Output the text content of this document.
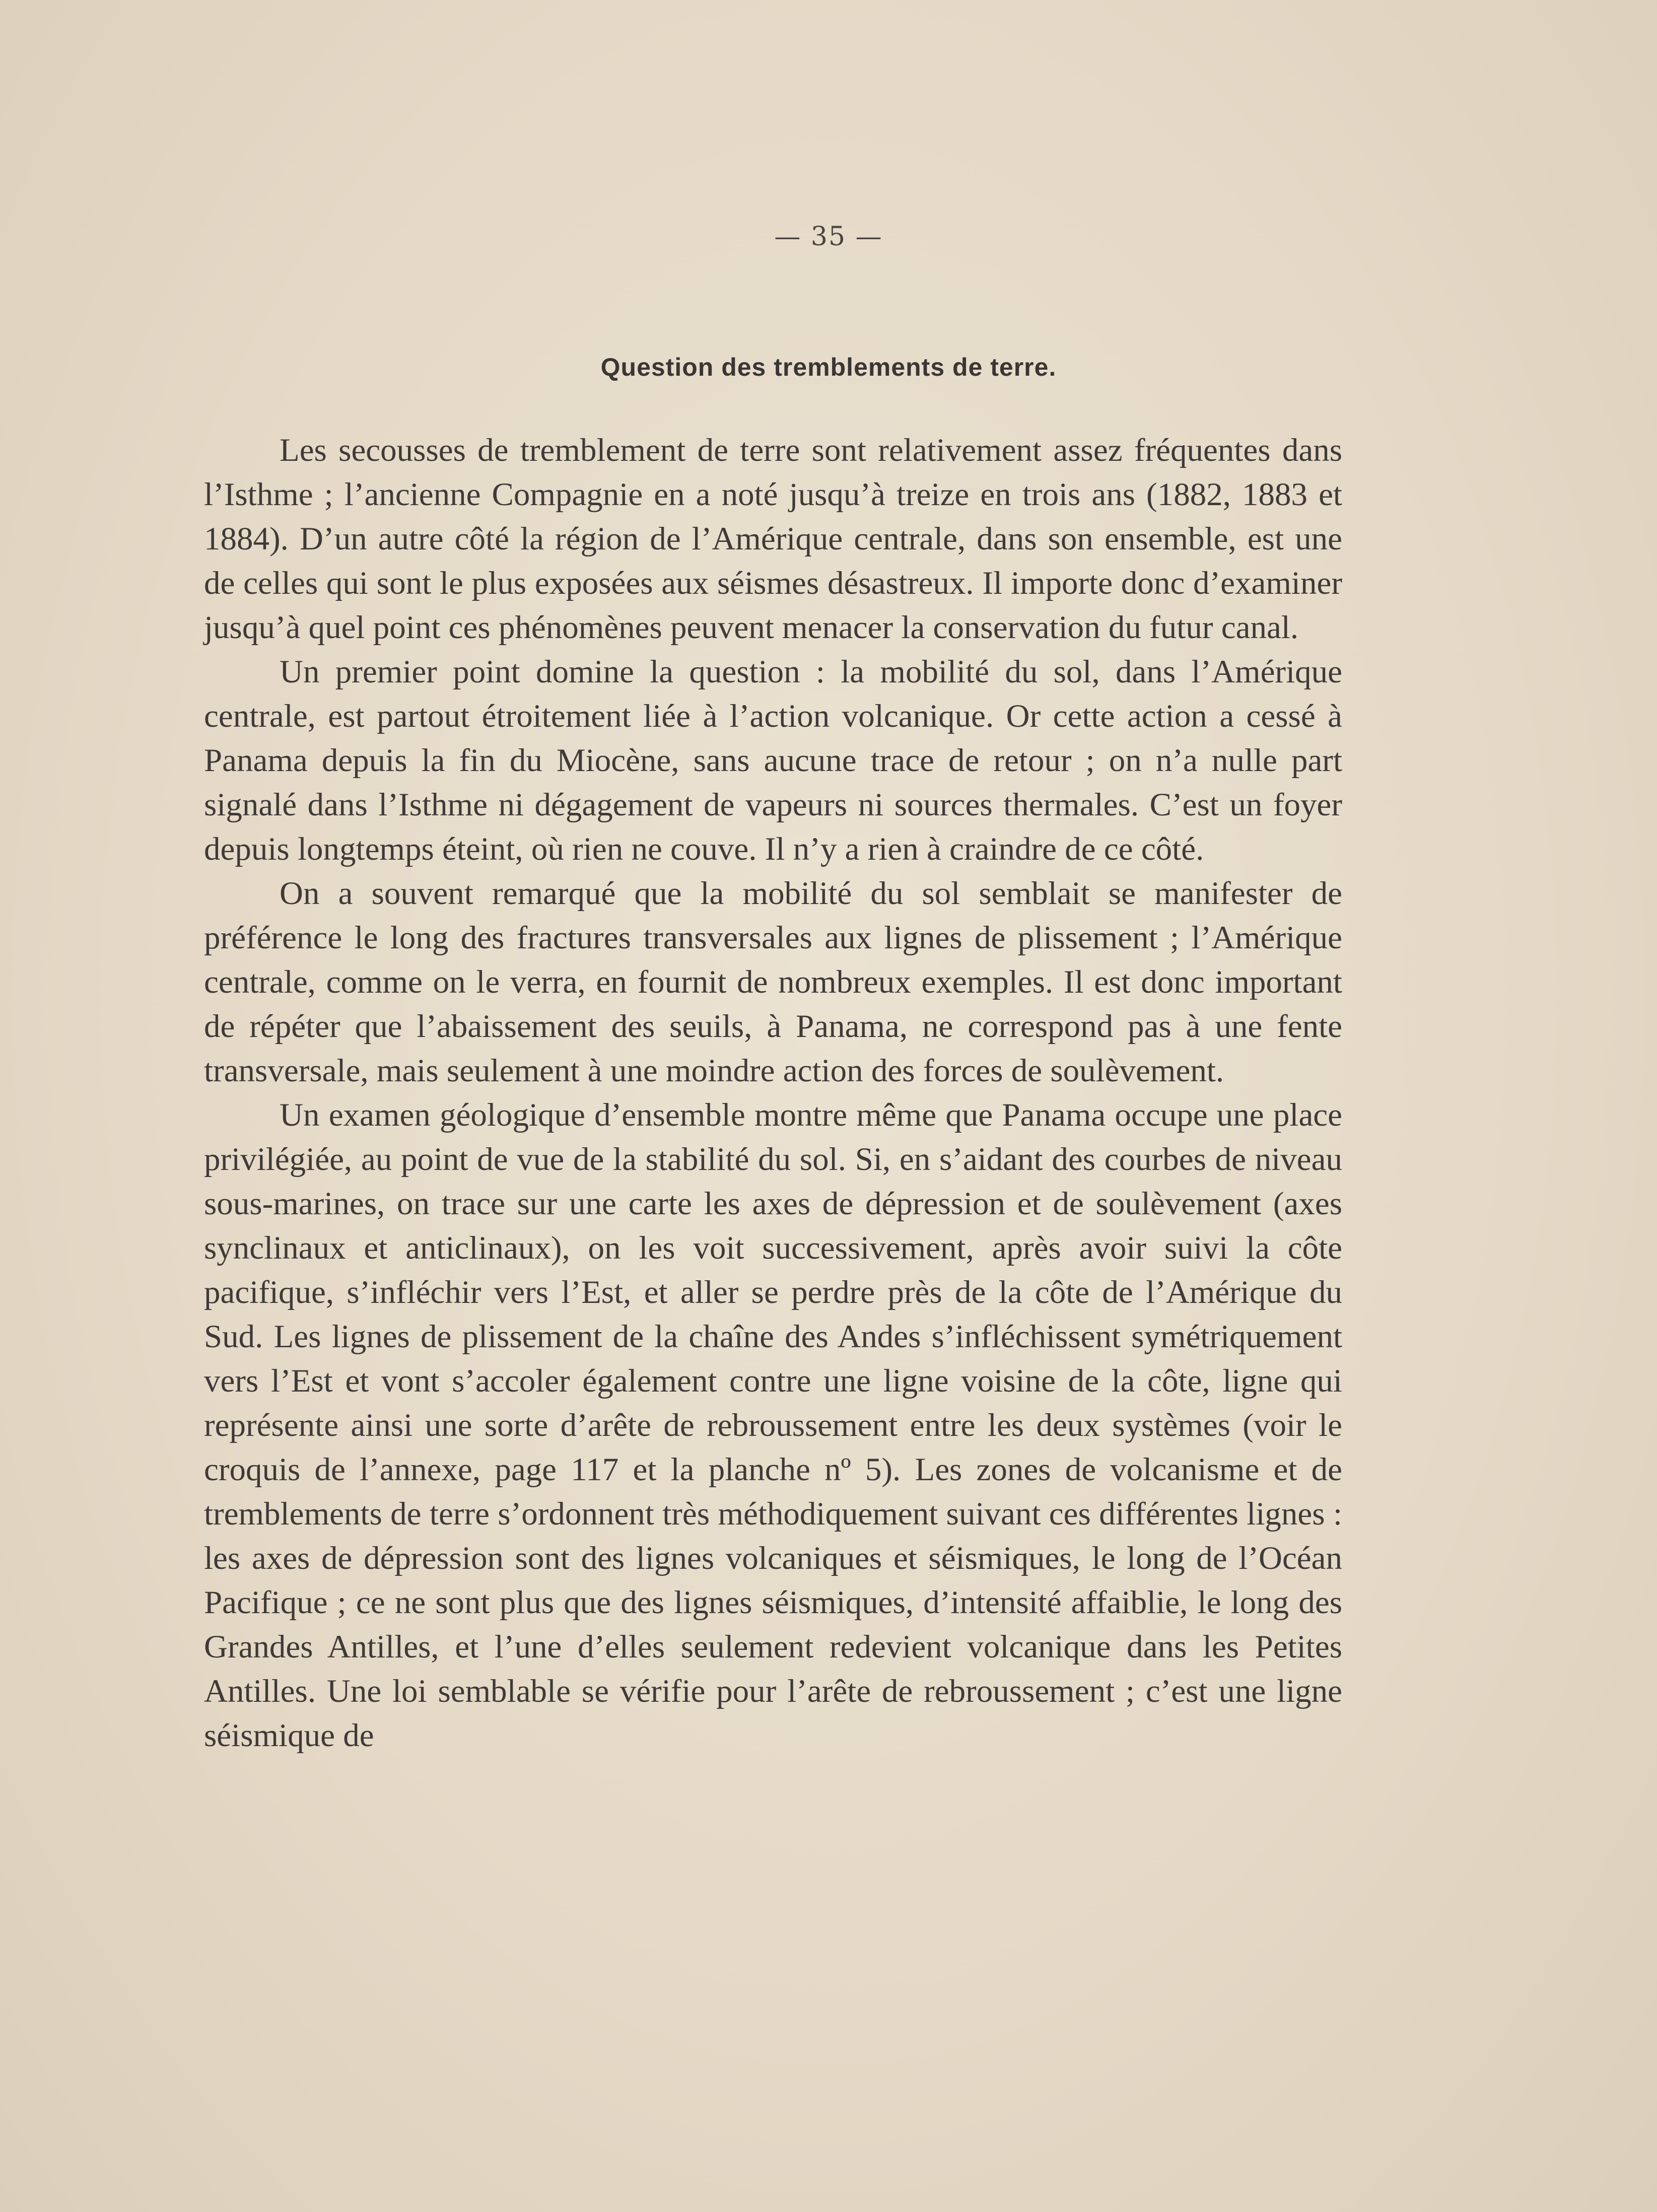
— 35 —
Question des tremblements de terre.

Les secousses de tremblement de terre sont relativement assez fréquentes dans l’Isthme ; l’ancienne Compagnie en a noté jusqu’à treize en trois ans (1882, 1883 et 1884). D’un autre côté la région de l’Amérique centrale, dans son ensemble, est une de celles qui sont le plus exposées aux séismes désastreux. Il importe donc d’examiner jusqu’à quel point ces phénomènes peuvent menacer la conservation du futur canal.

Un premier point domine la question : la mobilité du sol, dans l’Amérique centrale, est partout étroitement liée à l’action volcanique. Or cette action a cessé à Panama depuis la fin du Miocène, sans aucune trace de retour ; on n’a nulle part signalé dans l’Isthme ni dégagement de vapeurs ni sources thermales. C’est un foyer depuis longtemps éteint, où rien ne couve. Il n’y a rien à craindre de ce côté.

On a souvent remarqué que la mobilité du sol semblait se manifester de préférence le long des fractures transversales aux lignes de plissement ; l’Amérique centrale, comme on le verra, en fournit de nombreux exemples. Il est donc important de répéter que l’abaissement des seuils, à Panama, ne correspond pas à une fente transversale, mais seulement à une moindre action des forces de soulèvement.

Un examen géologique d’ensemble montre même que Panama occupe une place privilégiée, au point de vue de la stabilité du sol. Si, en s’aidant des courbes de niveau sous-marines, on trace sur une carte les axes de dépression et de soulèvement (axes synclinaux et anticlinaux), on les voit successivement, après avoir suivi la côte pacifique, s’infléchir vers l’Est, et aller se perdre près de la côte de l’Amérique du Sud. Les lignes de plissement de la chaîne des Andes s’infléchissent symétriquement vers l’Est et vont s’accoler également contre une ligne voisine de la côte, ligne qui représente ainsi une sorte d’arête de rebroussement entre les deux systèmes (voir le croquis de l’annexe, page 117 et la planche nº 5). Les zones de volcanisme et de tremblements de terre s’ordonnent très méthodiquement suivant ces différentes lignes : les axes de dépression sont des lignes volcaniques et séismiques, le long de l’Océan Pacifique ; ce ne sont plus que des lignes séismiques, d’intensité affaiblie, le long des Grandes Antilles, et l’une d’elles seulement redevient volcanique dans les Petites Antilles. Une loi semblable se vérifie pour l’arête de rebroussement ; c’est une ligne séismique de
